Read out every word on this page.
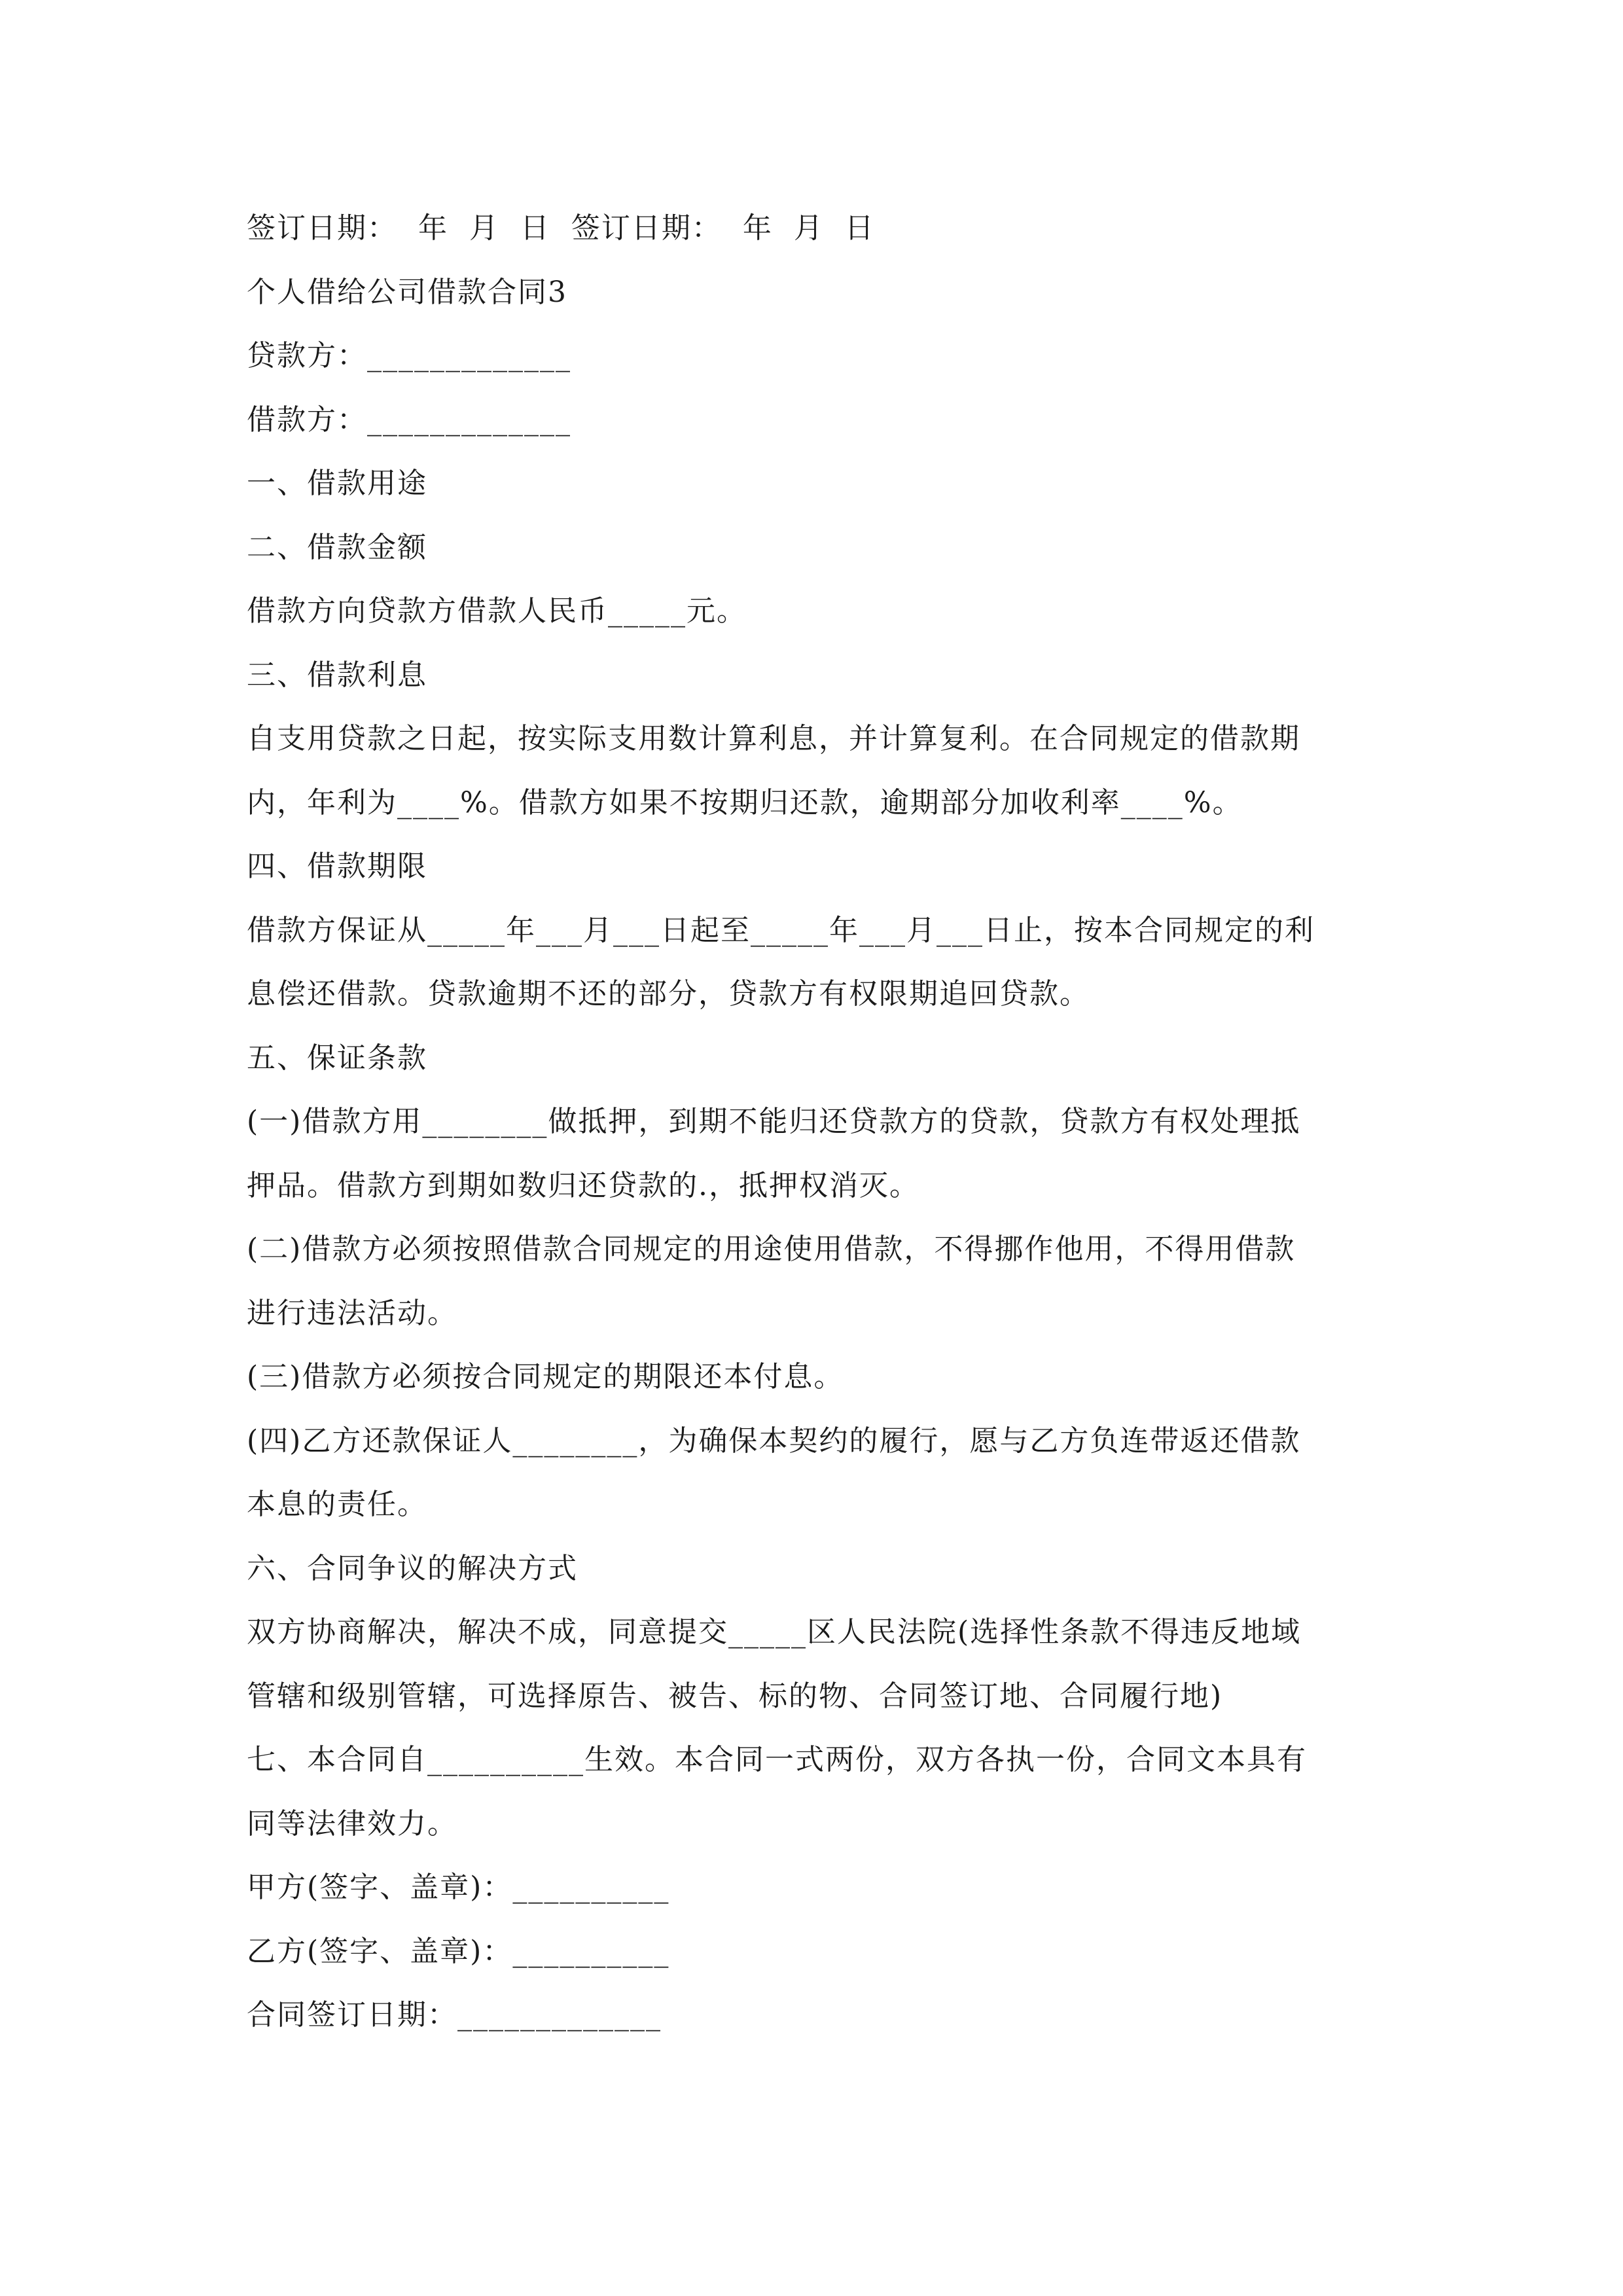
签订日期：  年  月  日  签订日期：  年  月  日
个人借给公司借款合同3
贷款方：_____________
借款方：_____________
一、借款用途
二、借款金额
借款方向贷款方借款人民币_____元。
三、借款利息
自支用贷款之日起，按实际支用数计算利息，并计算复利。在合同规定的借款期
内，年利为____%。借款方如果不按期归还款，逾期部分加收利率____%。
四、借款期限
借款方保证从_____年___月___日起至_____年___月___日止，按本合同规定的利
息偿还借款。贷款逾期不还的部分，贷款方有权限期追回贷款。
五、保证条款
(一)借款方用________做抵押，到期不能归还贷款方的贷款，贷款方有权处理抵
押品。借款方到期如数归还贷款的.，抵押权消灭。
(二)借款方必须按照借款合同规定的用途使用借款，不得挪作他用，不得用借款
进行违法活动。
(三)借款方必须按合同规定的期限还本付息。
(四)乙方还款保证人________，为确保本契约的履行，愿与乙方负连带返还借款
本息的责任。
六、合同争议的解决方式
双方协商解决，解决不成，同意提交_____区人民法院(选择性条款不得违反地域
管辖和级别管辖，可选择原告、被告、标的物、合同签订地、合同履行地)
七、本合同自__________生效。本合同一式两份，双方各执一份，合同文本具有
同等法律效力。
甲方(签字、盖章)：__________
乙方(签字、盖章)：__________
合同签订日期：_____________
